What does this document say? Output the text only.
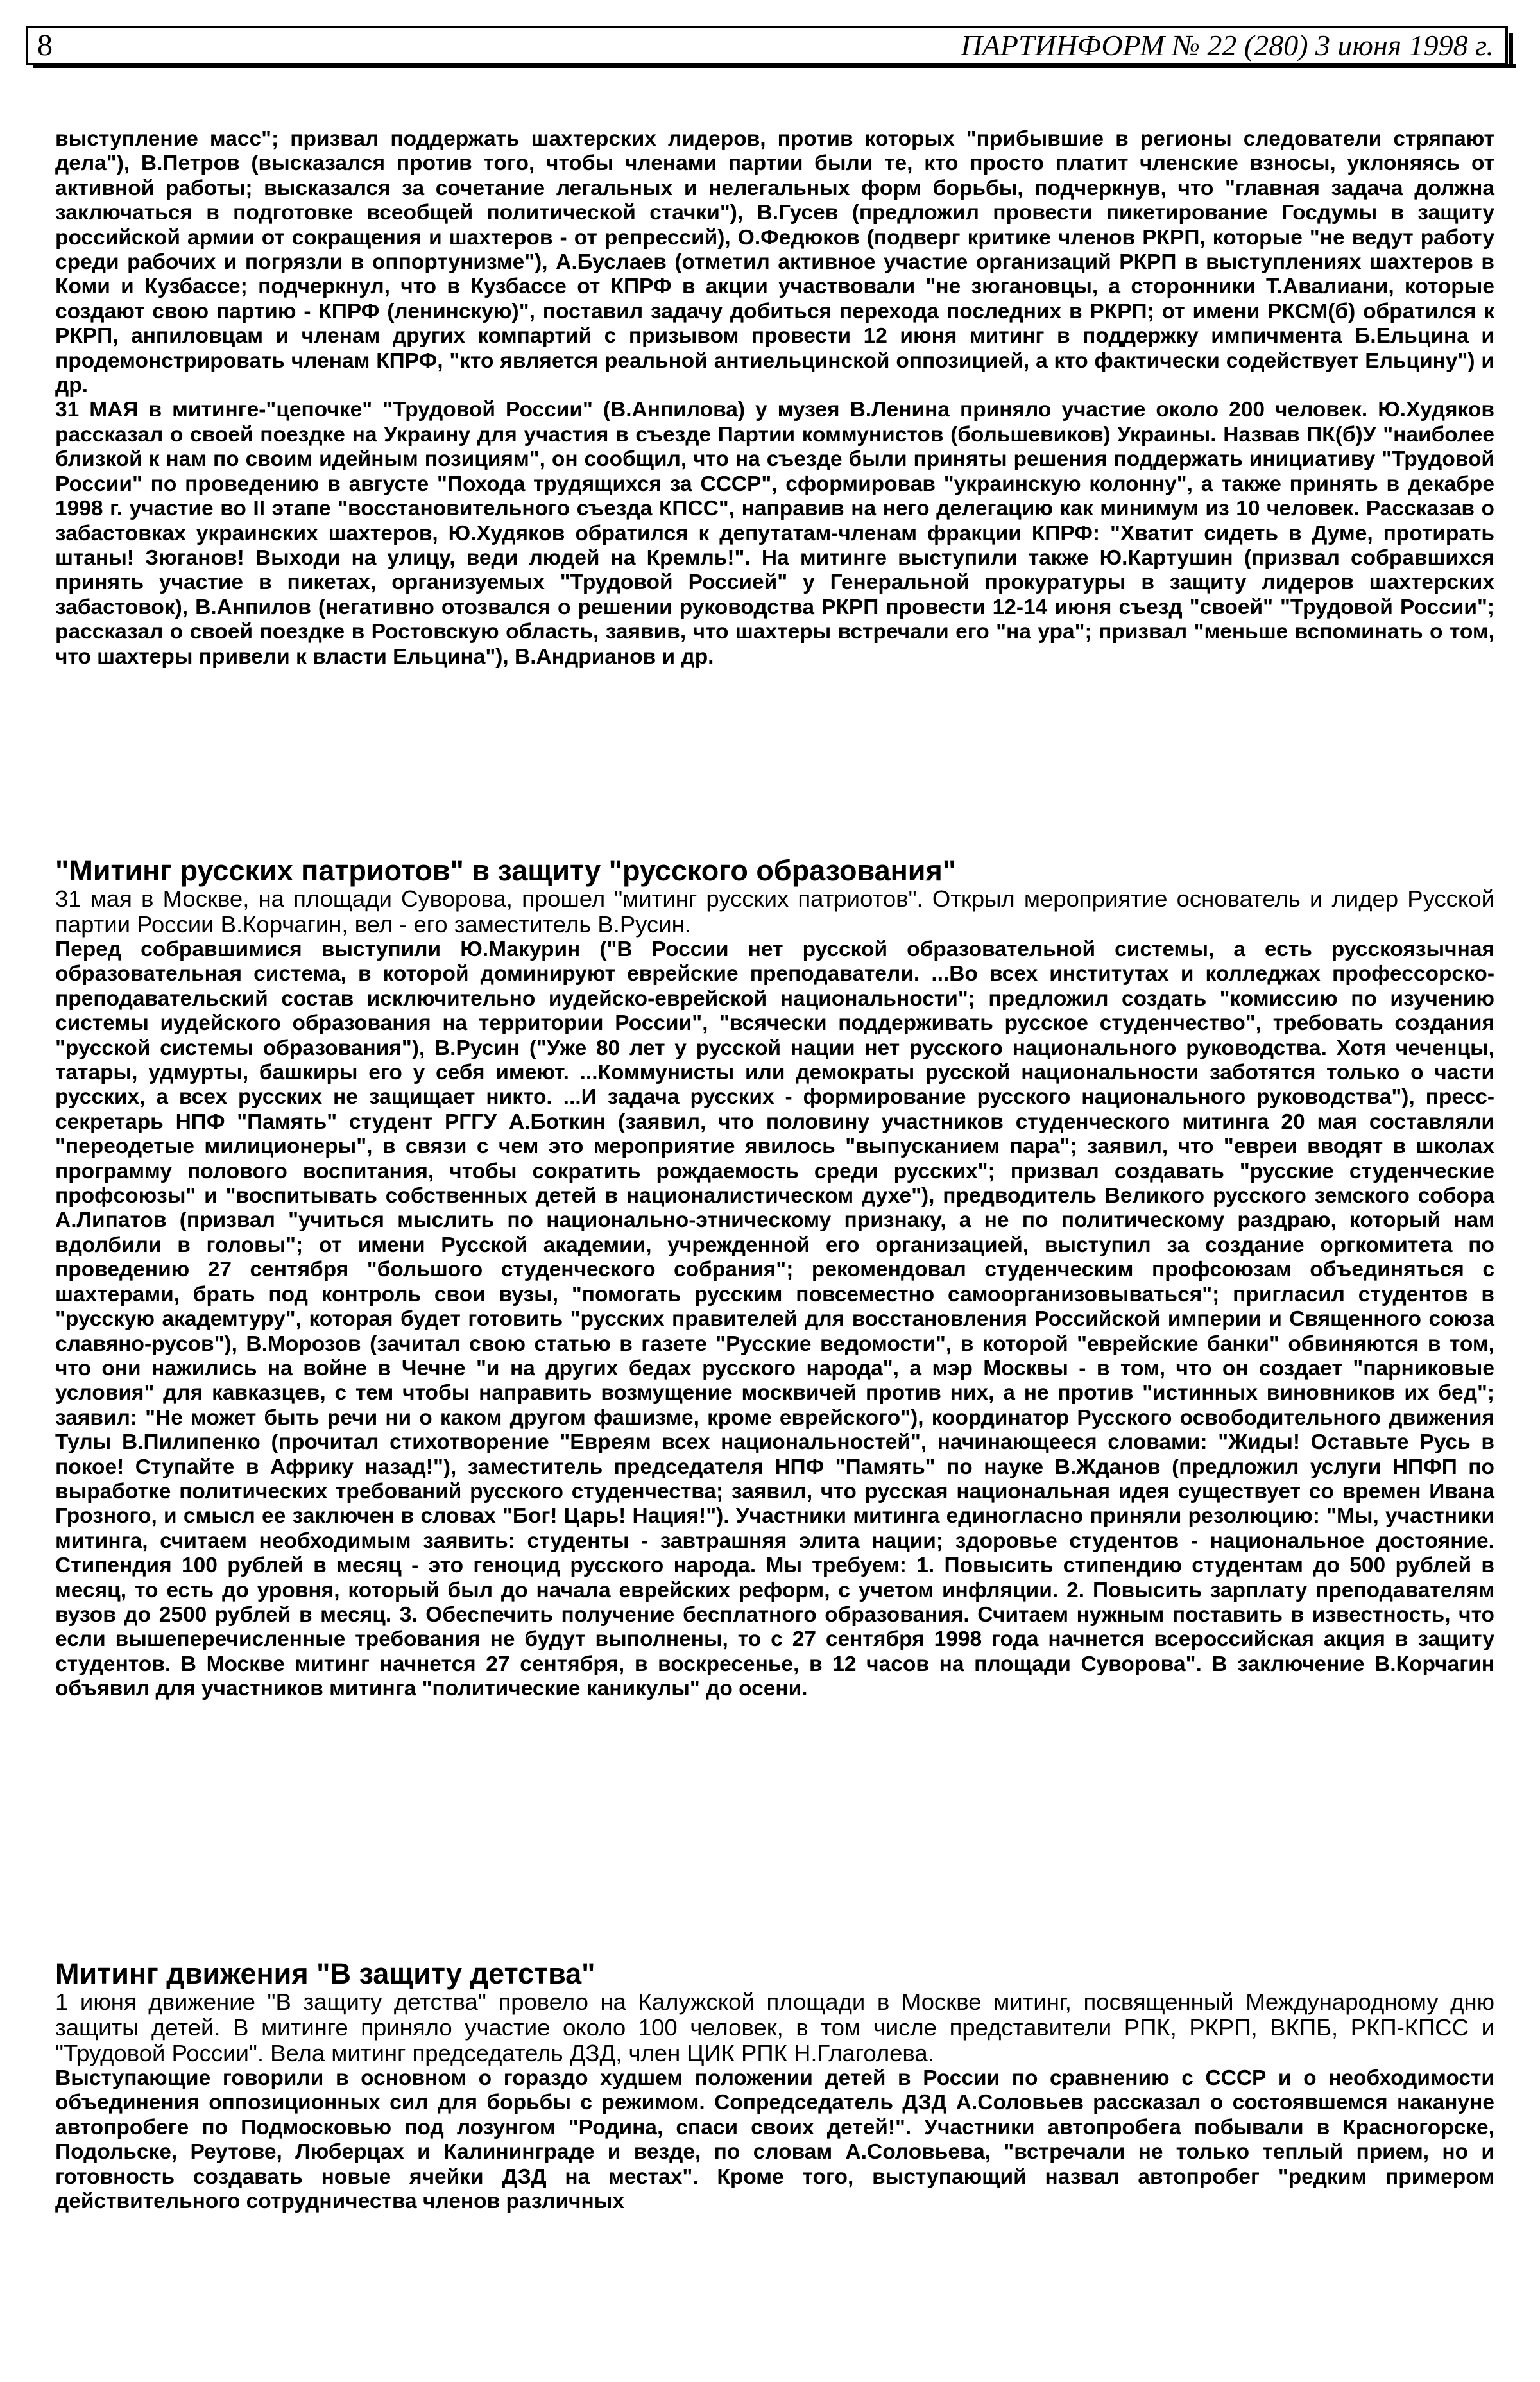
8	ПАРТИНФОРМ № 22 (280) 3 июня 1998 г.

выступление масс"; призвал поддержать шахтерских лидеров, против которых "прибывшие в регионы следователи стряпают дела"), В.Петров (высказался против того, чтобы членами партии были те, кто просто платит членские взносы, уклоняясь от активной работы; высказался за сочетание легальных и нелегальных форм борьбы, подчеркнув, что "главная задача должна заключаться в подготовке всеобщей политической стачки"), В.Гусев (предложил провести пикетирование Госдумы в защиту российской армии от сокращения и шахтеров - от репрессий), О.Федюков (подверг критике членов РКРП, которые "не ведут работу среди рабочих и погрязли в оппортунизме"), А.Буслаев (отметил активное участие организаций РКРП в выступлениях шахтеров в Коми и Кузбассе; подчеркнул, что в Кузбассе от КПРФ в акции участвовали "не зюгановцы, а сторонники Т.Авалиани, которые создают свою партию - КПРФ (ленинскую)", поставил задачу добиться перехода последних в РКРП; от имени РКСМ(б) обратился к РКРП, анпиловцам и членам других компартий с призывом провести 12 июня митинг в поддержку импичмента Б.Ельцина и продемонстрировать членам КПРФ, "кто является реальной антиельцинской оппозицией, а кто фактически содействует Ельцину") и др.

31 МАЯ в митинге-"цепочке" "Трудовой России" (В.Анпилова) у музея В.Ленина приняло участие около 200 человек. Ю.Худяков рассказал о своей поездке на Украину для участия в съезде Партии коммунистов (большевиков) Украины. Назвав ПК(б)У "наиболее близкой к нам по своим идейным позициям", он сообщил, что на съезде были приняты решения поддержать инициативу "Трудовой России" по проведению в августе "Похода трудящихся за СССР", сформировав "украинскую колонну", а также принять в декабре 1998 г. участие во II этапе "восстановительного съезда КПСС", направив на него делегацию как минимум из 10 человек. Рассказав о забастовках украинских шахтеров, Ю.Худяков обратился к депутатам-членам фракции КПРФ: "Хватит сидеть в Думе, протирать штаны! Зюганов! Выходи на улицу, веди людей на Кремль!". На митинге выступили также Ю.Картушин (призвал собравшихся принять участие в пикетах, организуемых "Трудовой Россией" у Генеральной прокуратуры в защиту лидеров шахтерских забастовок), В.Анпилов (негативно отозвался о решении руководства РКРП провести 12-14 июня съезд "своей" "Трудовой России"; рассказал о своей поездке в Ростовскую область, заявив, что шахтеры встречали его "на ура"; призвал "меньше вспоминать о том, что шахтеры привели к власти Ельцина"), В.Андрианов и др.

"Митинг русских патриотов" в защиту "русского образования"

31 мая в Москве, на площади Суворова, прошел "митинг русских патриотов". Открыл мероприятие основатель и лидер Русской партии России В.Корчагин, вел - его заместитель В.Русин.

Перед собравшимися выступили Ю.Макурин ("В России нет русской образовательной системы, а есть русскоязычная образовательная система, в которой доминируют еврейские преподаватели. ...Во всех институтах и колледжах профессорско-преподавательский состав исключительно иудейско-еврейской национальности"; предложил создать "комиссию по изучению системы иудейского образования на территории России", "всячески поддерживать русское студенчество", требовать создания "русской системы образования"), В.Русин ("Уже 80 лет у русской нации нет русского национального руководства. Хотя чеченцы, татары, удмурты, башкиры его у себя имеют. ...Коммунисты или демократы русской национальности заботятся только о части русских, а всех русских не защищает никто. ...И задача русских - формирование русского национального руководства"), пресс-секретарь НПФ "Память" студент РГГУ А.Боткин (заявил, что половину участников студенческого митинга 20 мая составляли "переодетые милиционеры", в связи с чем это мероприятие явилось "выпусканием пара"; заявил, что "евреи вводят в школах программу полового воспитания, чтобы сократить рождаемость среди русских"; призвал создавать "русские студенческие профсоюзы" и "воспитывать собственных детей в националистическом духе"), предводитель Великого русского земского собора А.Липатов (призвал "учиться мыслить по национально-этническому признаку, а не по политическому раздраю, который нам вдолбили в головы"; от имени Русской академии, учрежденной его организацией, выступил за создание оргкомитета по проведению 27 сентября "большого студенческого собрания"; рекомендовал студенческим профсоюзам объединяться с шахтерами, брать под контроль свои вузы, "помогать русским повсеместно самоорганизовываться"; пригласил студентов в "русскую академтуру", которая будет готовить "русских правителей для восстановления Российской империи и Священного союза славяно-русов"), В.Морозов (зачитал свою статью в газете "Русские ведомости", в которой "еврейские банки" обвиняются в том, что они нажились на войне в Чечне "и на других бедах русского народа", а мэр Москвы - в том, что он создает "парниковые условия" для кавказцев, с тем чтобы направить возмущение москвичей против них, а не против "истинных виновников их бед"; заявил: "Не может быть речи ни о каком другом фашизме, кроме еврейского"), координатор Русского освободительного движения Тулы В.Пилипенко (прочитал стихотворение "Евреям всех национальностей", начинающееся словами: "Жиды! Оставьте Русь в покое! Ступайте в Африку назад!"), заместитель председателя НПФ "Память" по науке В.Жданов (предложил услуги НПФП по выработке политических требований русского студенчества; заявил, что русская национальная идея существует со времен Ивана Грозного, и смысл ее заключен в словах "Бог! Царь! Нация!"). Участники митинга единогласно приняли резолюцию: "Мы, участники митинга, считаем необходимым заявить: студенты - завтрашняя элита нации; здоровье студентов - национальное достояние. Стипендия 100 рублей в месяц - это геноцид русского народа. Мы требуем: 1. Повысить стипендию студентам до 500 рублей в месяц, то есть до уровня, который был до начала еврейских реформ, с учетом инфляции. 2. Повысить зарплату преподавателям вузов до 2500 рублей в месяц. 3. Обеспечить получение бесплатного образования. Считаем нужным поставить в известность, что если вышеперечисленные требования не будут выполнены, то с 27 сентября 1998 года начнется всероссийская акция в защиту студентов. В Москве митинг начнется 27 сентября, в воскресенье, в 12 часов на площади Суворова". В заключение В.Корчагин объявил для участников митинга "политические каникулы" до осени.

Митинг движения "В защиту детства"

1 июня движение "В защиту детства" провело на Калужской площади в Москве митинг, посвященный Международному дню защиты детей. В митинге приняло участие около 100 человек, в том числе представители РПК, РКРП, ВКПБ, РКП-КПСС и "Трудовой России". Вела митинг председатель ДЗД, член ЦИК РПК Н.Глаголева.

Выступающие говорили в основном о гораздо худшем положении детей в России по сравнению с СССР и о необходимости объединения оппозиционных сил для борьбы с режимом. Сопредседатель ДЗД А.Соловьев рассказал о состоявшемся накануне автопробеге по Подмосковью под лозунгом "Родина, спаси своих детей!". Участники автопробега побывали в Красногорске, Подольске, Реутове, Люберцах и Калининграде и везде, по словам А.Соловьева, "встречали не только теплый прием, но и готовность создавать новые ячейки ДЗД на местах". Кроме того, выступающий назвал автопробег "редким примером действительного сотрудничества членов различных
